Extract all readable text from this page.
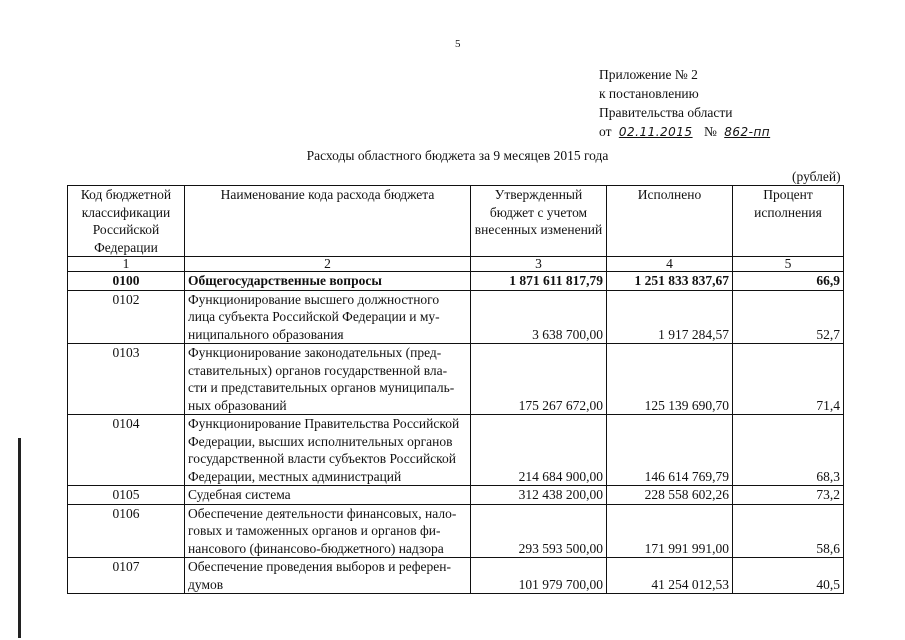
5
Приложение № 2
к постановлению
Правительства области
от 02.11.2015 № 862-пп
Расходы областного бюджета за 9 месяцев 2015 года
(рублей)
Код бюджетной классификации Российской Федерации	Наименование кода расхода бюджета	Утвержденный бюджет с учетом внесенных изменений	Исполнено	Процент исполнения
1	2	3	4	5
0100	Общегосударственные вопросы	1 871 611 817,79	1 251 833 837,67	66,9
0102	Функционирование высшего должностного
лица субъекта Российской Федерации и му-
ниципального образования	3 638 700,00	1 917 284,57	52,7
0103	Функционирование законодательных (пред-
ставительных) органов государственной вла-
сти и представительных органов муниципаль-
ных образований	175 267 672,00	125 139 690,70	71,4
0104	Функционирование Правительства Российской
Федерации, высших исполнительных органов
государственной власти субъектов Российской
Федерации, местных администраций	214 684 900,00	146 614 769,79	68,3
0105	Судебная система	312 438 200,00	228 558 602,26	73,2
0106	Обеспечение деятельности финансовых, нало-
говых и таможенных органов и органов фи-
нансового (финансово-бюджетного) надзора	293 593 500,00	171 991 991,00	58,6
0107	Обеспечение проведения выборов и референ-
думов	101 979 700,00	41 254 012,53	40,5
